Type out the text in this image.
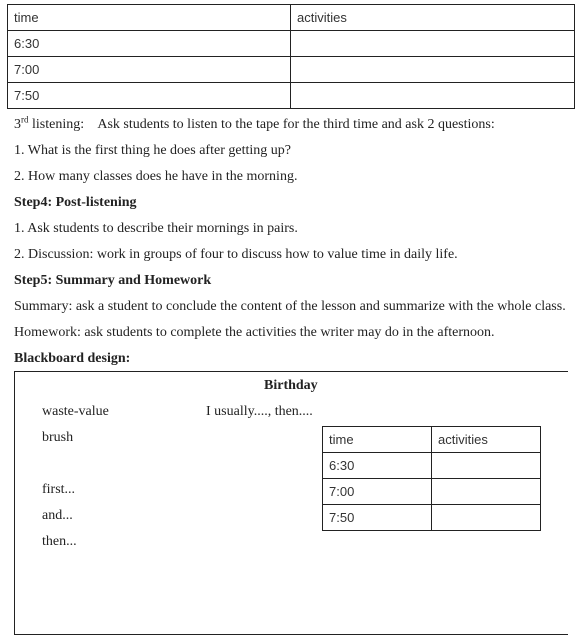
time	activities
6:30	
7:00	
7:50	
3rd listening:    Ask students to listen to the tape for the third time and ask 2 questions:
1. What is the first thing he does after getting up?
2. How many classes does he have in the morning.
Step4: Post-listening
1. Ask students to describe their mornings in pairs.
2. Discussion: work in groups of four to discuss how to value time in daily life.
Step5: Summary and Homework
Summary: ask a student to conclude the content of the lesson and summarize with the whole class.
Homework: ask students to complete the activities the writer may do in the afternoon.
Blackboard design:
Birthday
waste-value	I usually...., then....
brush
first...
and...
then...
time	activities
6:30	
7:00	
7:50	
